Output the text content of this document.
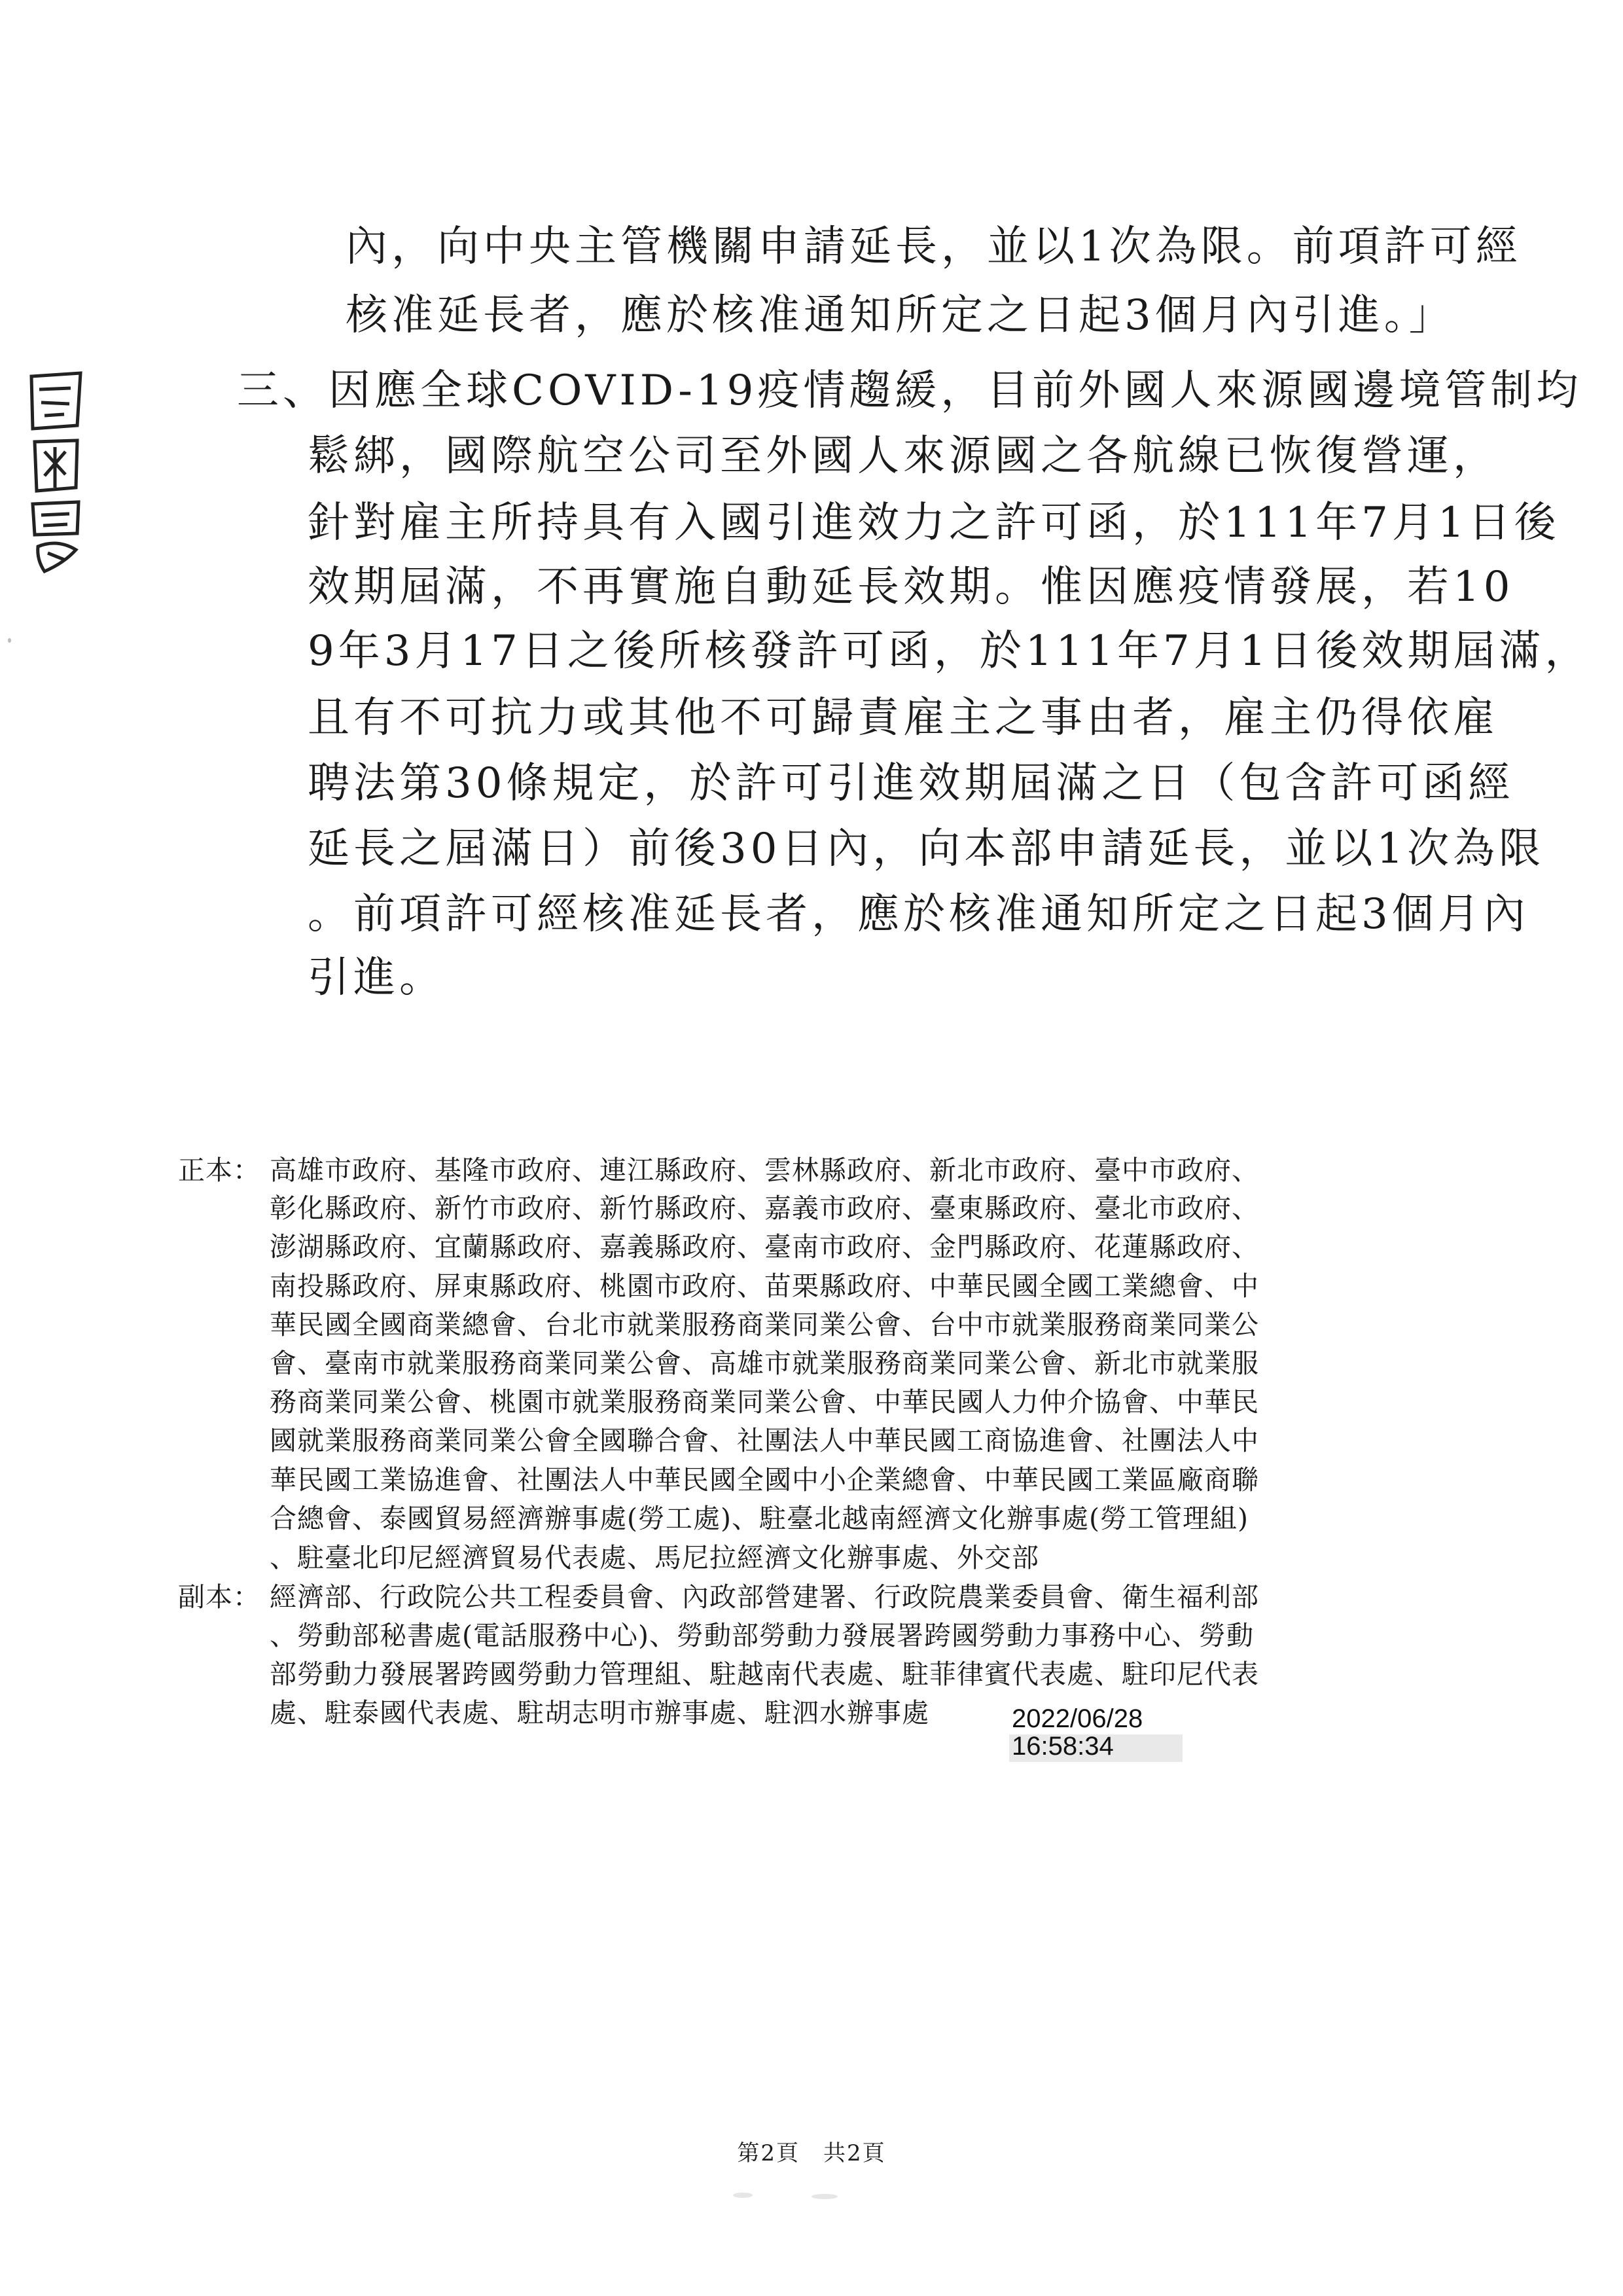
內，向中央主管機關申請延長，並以1次為限。前項許可經
核准延長者，應於核准通知所定之日起3個月內引進。」
三、因應全球COVID-19疫情趨緩，目前外國人來源國邊境管制均
鬆綁，國際航空公司至外國人來源國之各航線已恢復營運，
針對雇主所持具有入國引進效力之許可函，於111年7月1日後
效期屆滿，不再實施自動延長效期。惟因應疫情發展，若10
9年3月17日之後所核發許可函，於111年7月1日後效期屆滿，
且有不可抗力或其他不可歸責雇主之事由者，雇主仍得依雇
聘法第30條規定，於許可引進效期屆滿之日（包含許可函經
延長之屆滿日）前後30日內，向本部申請延長，並以1次為限
。前項許可經核准延長者，應於核准通知所定之日起3個月內
引進。
正本： 高雄市政府、基隆市政府、連江縣政府、雲林縣政府、新北市政府、臺中市政府、
彰化縣政府、新竹市政府、新竹縣政府、嘉義市政府、臺東縣政府、臺北市政府、
澎湖縣政府、宜蘭縣政府、嘉義縣政府、臺南市政府、金門縣政府、花蓮縣政府、
南投縣政府、屏東縣政府、桃園市政府、苗栗縣政府、中華民國全國工業總會、中
華民國全國商業總會、台北市就業服務商業同業公會、台中市就業服務商業同業公
會、臺南市就業服務商業同業公會、高雄市就業服務商業同業公會、新北市就業服
務商業同業公會、桃園市就業服務商業同業公會、中華民國人力仲介協會、中華民
國就業服務商業同業公會全國聯合會、社團法人中華民國工商協進會、社團法人中
華民國工業協進會、社團法人中華民國全國中小企業總會、中華民國工業區廠商聯
合總會、泰國貿易經濟辦事處(勞工處)、駐臺北越南經濟文化辦事處(勞工管理組)
、駐臺北印尼經濟貿易代表處、馬尼拉經濟文化辦事處、外交部
副本： 經濟部、行政院公共工程委員會、內政部營建署、行政院農業委員會、衛生福利部
、勞動部秘書處(電話服務中心)、勞動部勞動力發展署跨國勞動力事務中心、勞動
部勞動力發展署跨國勞動力管理組、駐越南代表處、駐菲律賓代表處、駐印尼代表
處、駐泰國代表處、駐胡志明市辦事處、駐泗水辦事處	2022/06/28
16:58:34
第2頁　共2頁
